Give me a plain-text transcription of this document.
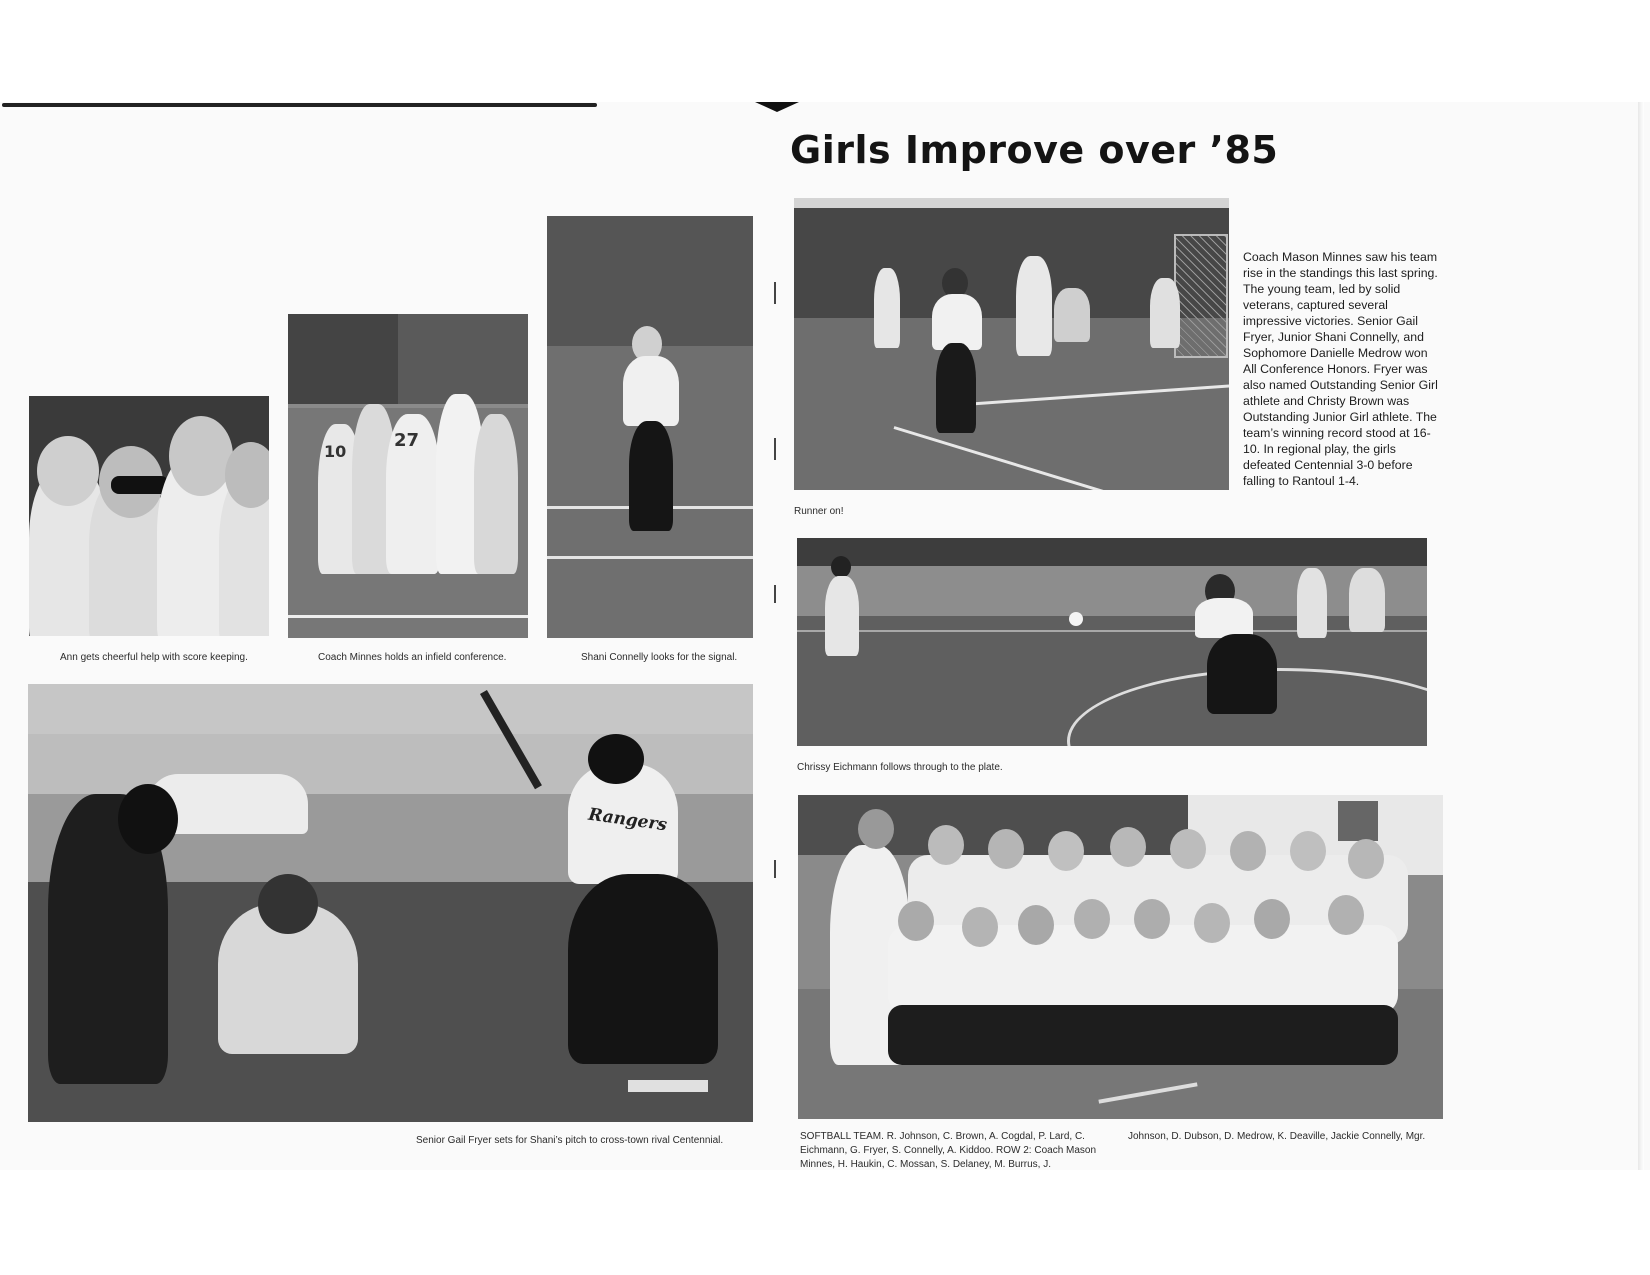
Girls Improve over ’85

Ann gets cheerful help with score keeping.

10
27

Coach Minnes holds an infield conference.	Shani Connelly looks for the signal.

Rangers

Senior Gail Fryer sets for Shani’s pitch to cross-town rival Centennial.

Runner on!

Coach Mason Minnes saw his team rise in the standings this last spring. The young team, led by solid veterans, captured several impressive victories. Senior Gail Fryer, Junior Shani Connelly, and Sophomore Danielle Medrow won All Conference Honors. Fryer was also named Outstanding Senior Girl athlete and Christy Brown was Outstanding Junior Girl athlete. The team’s winning record stood at 16-10. In regional play, the girls defeated Centennial 3-0 before falling to Rantoul 1-4.

Chrissy Eichmann follows through to the plate.

SOFTBALL TEAM. R. Johnson, C. Brown, A. Cogdal, P. Lard, C. Eichmann, G. Fryer, S. Connelly, A. Kiddoo. ROW 2: Coach Mason Minnes, H. Haukin, C. Mossan, S. Delaney, M. Burrus, J.
Johnson, D. Dubson, D. Medrow, K. Deaville, Jackie Connelly, Mgr.
